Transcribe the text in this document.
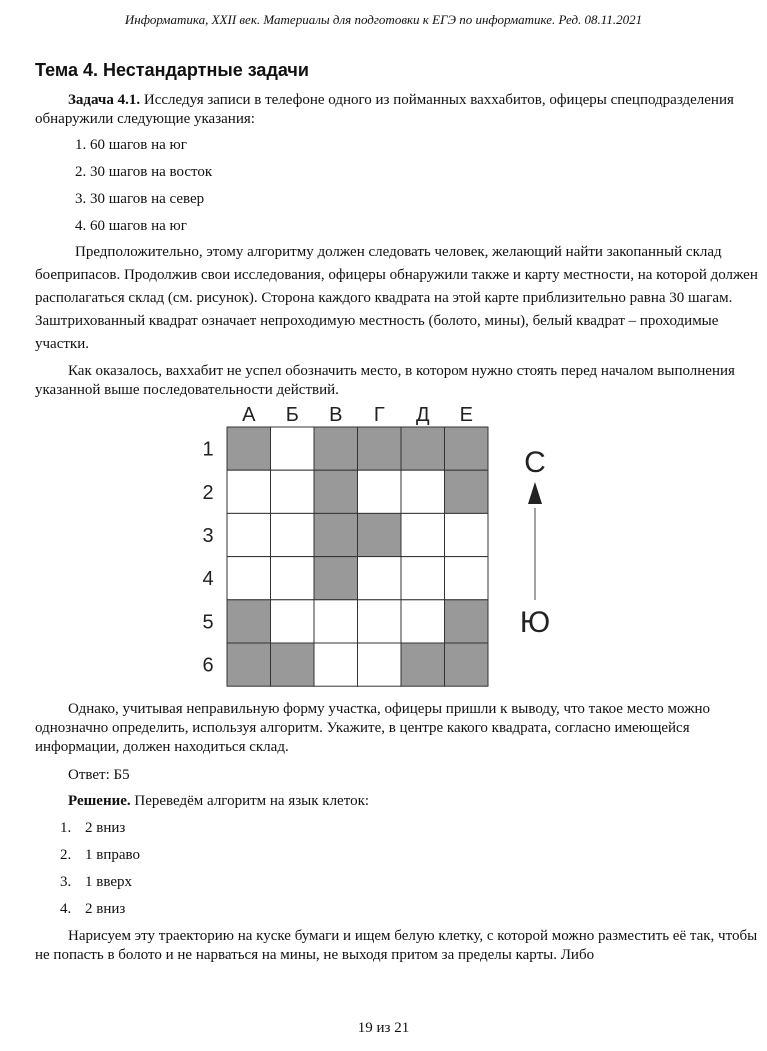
Информатика, XXII век. Материалы для подготовки к ЕГЭ по информатике. Ред. 08.11.2021
Тема 4. Нестандартные задачи

Задача 4.1. Исследуя записи в телефоне одного из пойманных ваххабитов, офицеры спецподразделения обнаружили следующие указания:

1. 60 шагов на юг
2. 30 шагов на восток
3. 30 шагов на север
4. 60 шагов на юг

Предположительно, этому алгоритму должен следовать человек, желающий найти закопанный склад боеприпасов. Продолжив свои исследования, офицеры обнаружили также и карту местности, на которой должен располагаться склад (см. рисунок). Сторона каждого квадрата на этой карте приблизительно равна 30 шагам. Заштрихованный квадрат означает непроходимую местность (болото, мины), белый квадрат – проходимые участки.

Как оказалось, ваххабит не успел обозначить место, в котором нужно стоять перед началом выполнения указанной выше последовательности действий.

А Б В Г Д Е
1
2
3
4
5
6
С
Ю

Однако, учитывая неправильную форму участка, офицеры пришли к выводу, что такое место можно однозначно определить, используя алгоритм. Укажите, в центре какого квадрата, согласно имеющейся информации, должен находиться склад.

Ответ: Б5

Решение. Переведём алгоритм на язык клеток:

1. 2 вниз
2. 1 вправо
3. 1 вверх
4. 2 вниз

Нарисуем эту траекторию на куске бумаги и ищем белую клетку, с которой можно разместить её так, чтобы не попасть в болото и не нарваться на мины, не выходя притом за пределы карты. Либо

19 из 21
